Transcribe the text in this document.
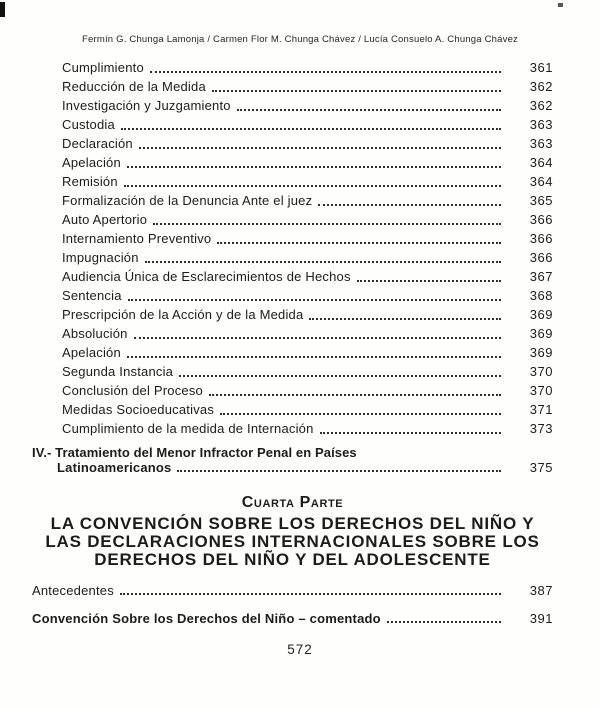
Fermín G. Chunga Lamonja / Carmen Flor M. Chunga Chávez / Lucía Consuelo A. Chunga Chávez
Cumplimiento	361
Reducción de la Medida	362
Investigación y Juzgamiento	362
Custodia	363
Declaración	363
Apelación	364
Remisión	364
Formalización de la Denuncia Ante el juez	365
Auto Apertorio	366
Internamiento Preventivo	366
Impugnación	366
Audiencia Única de Esclarecimientos de Hechos	367
Sentencia	368
Prescripción de la Acción y de la Medida	369
Absolución	369
Apelación	369
Segunda Instancia	370
Conclusión del Proceso	370
Medidas Socioeducativas	371
Cumplimiento de la medida de Internación	373
IV.- Tratamiento del Menor Infractor Penal en Países
Latinoamericanos	375
Cuarta Parte
LA CONVENCIÓN SOBRE LOS DERECHOS DEL NIÑO Y
LAS DECLARACIONES INTERNACIONALES SOBRE LOS
DERECHOS DEL NIÑO Y DEL ADOLESCENTE
Antecedentes	387
Convención Sobre los Derechos del Niño – comentado	391
572
